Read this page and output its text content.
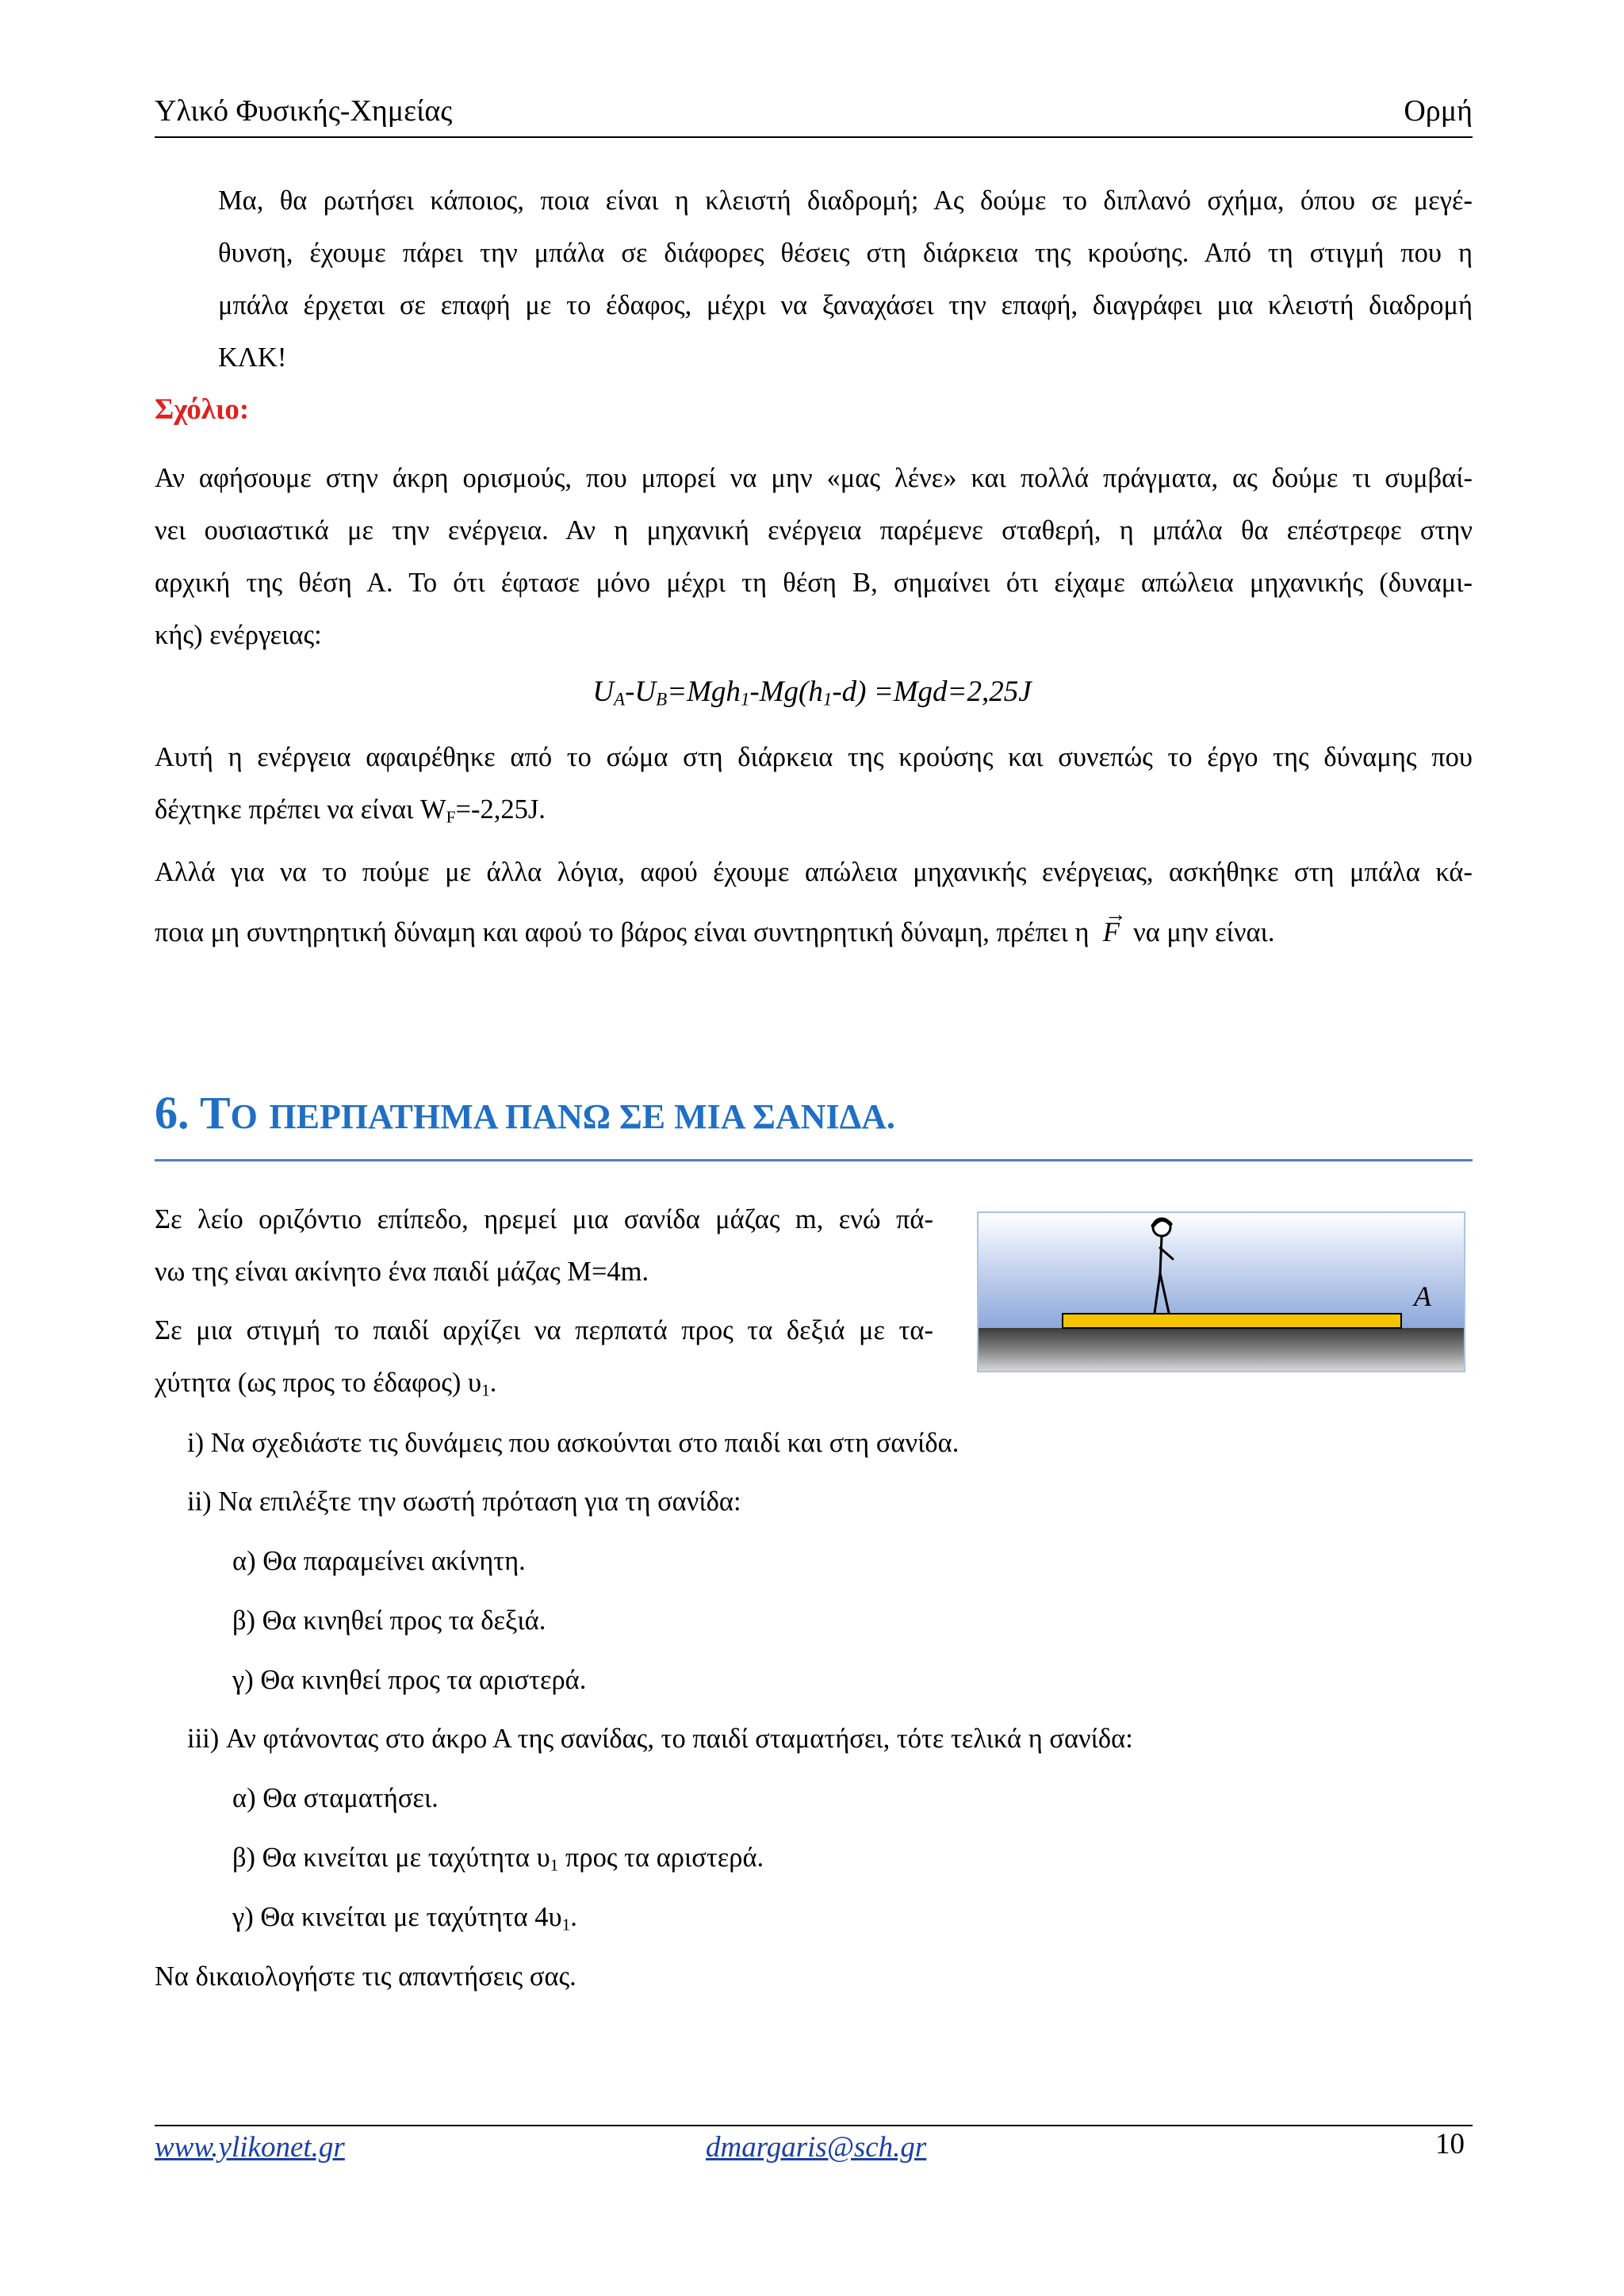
Υλικό Φυσικής-Χημείας	Ορμή

Μα, θα ρωτήσει κάποιος, ποια είναι η κλειστή διαδρομή; Ας δούμε το διπλανό σχήμα, όπου σε μεγέ-

θυνση, έχουμε πάρει την μπάλα σε διάφορες θέσεις στη διάρκεια της κρούσης. Από τη στιγμή που η

μπάλα έρχεται σε επαφή με το έδαφος, μέχρι να ξαναχάσει την επαφή, διαγράφει μια κλειστή διαδρομή

ΚΛΚ!

Σχόλιο:

Αν αφήσουμε στην άκρη ορισμούς, που μπορεί να μην «μας λένε» και πολλά πράγματα, ας δούμε τι συμβαί-

νει ουσιαστικά με την ενέργεια. Αν η μηχανική ενέργεια παρέμενε σταθερή, η μπάλα θα επέστρεφε στην

αρχική της θέση Α. Το ότι έφτασε μόνο μέχρι τη θέση Β, σημαίνει ότι είχαμε απώλεια μηχανικής (δυναμι-

κής) ενέργειας:

$U_A-U_B=Mgh_1-Mg(h_1-d) =Mgd=2,25J$

Αυτή η ενέργεια αφαιρέθηκε από το σώμα στη διάρκεια της κρούσης και συνεπώς το έργο της δύναμης που

δέχτηκε πρέπει να είναι $W_F=-2,25J$.

Αλλά για να το πούμε με άλλα λόγια, αφού έχουμε απώλεια μηχανικής ενέργειας, ασκήθηκε στη μπάλα κά-

ποια μη συντηρητική δύναμη και αφού το βάρος είναι συντηρητική δύναμη, πρέπει η  → F να μην είναι.

6. ΤΟ ΠΕΡΠΑΤΗΜΑ ΠΑΝΩ ΣΕ ΜΙΑ ΣΑΝΙΔΑ.

Σε λείο οριζόντιο επίπεδο, ηρεμεί μια σανίδα μάζας m, ενώ πά-

νω της είναι ακίνητο ένα παιδί μάζας Μ=4m.

Σε μια στιγμή το παιδί αρχίζει να περπατά προς τα δεξιά με τα-

χύτητα (ως προς το έδαφος) $\upsilon_1$.

A
i) Να σχεδιάστε τις δυνάμεις που ασκούνται στο παιδί και στη σανίδα.
ii) Να επιλέξτε την σωστή πρόταση για τη σανίδα:
α) Θα παραμείνει ακίνητη.
β) Θα κινηθεί προς τα δεξιά.
γ) Θα κινηθεί προς τα αριστερά.
iii) Αν φτάνοντας στο άκρο Α της σανίδας, το παιδί σταματήσει, τότε τελικά η σανίδα:
α) Θα σταματήσει.
β) Θα κινείται με ταχύτητα $\upsilon_1$ προς τα αριστερά.
γ) Θα κινείται με ταχύτητα $4\upsilon_1$.
Να δικαιολογήστε τις απαντήσεις σας.
www.ylikonet.gr	dmargaris@sch.gr	10
